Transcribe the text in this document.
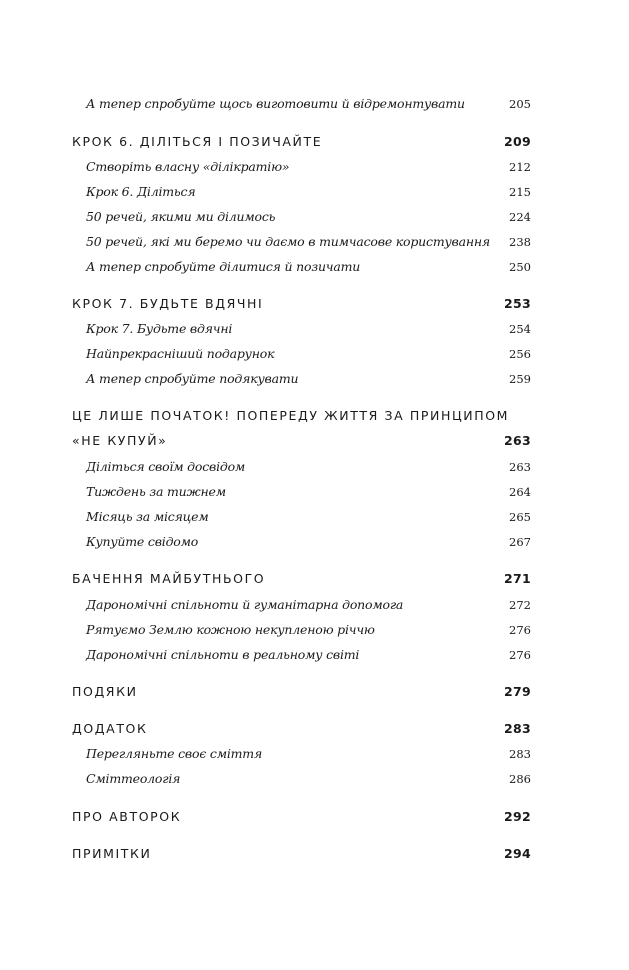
А тепер спробуйте щось виготовити й відремонтувати	205
КРОК 6. ДІЛІТЬСЯ І ПОЗИЧАЙТЕ	209
Створіть власну «ділікратію»	212
Крок 6. Діліться	215
50 речей, якими ми ділимось	224
50 речей, які ми беремо чи даємо в тимчасове користування 238
А тепер спробуйте ділитися й позичати	250
КРОК 7. БУДЬТЕ ВДЯЧНІ	253
Крок 7. Будьте вдячні	254
Найпрекрасніший подарунок	256
А тепер спробуйте подякувати	259
ЦЕ ЛИШЕ ПОЧАТОК! ПОПЕРЕДУ ЖИТТЯ ЗА ПРИНЦИПОМ
«НЕ КУПУЙ»	263
Діліться своїм досвідом	263
Тиждень за тижнем	264
Місяць за місяцем	265
Купуйте свідомо	267
БАЧЕННЯ МАЙБУТНЬОГО	271
Дарономічні спільноти й гуманітарна допомога	272
Рятуємо Землю кожною некупленою річчю	276
Дарономічні спільноти в реальному світі	276
ПОДЯКИ	279
ДОДАТОК	283
Перегляньте своє сміття	283
Сміттеологія	286
ПРО АВТОРОК	292
ПРИМІТКИ	294
